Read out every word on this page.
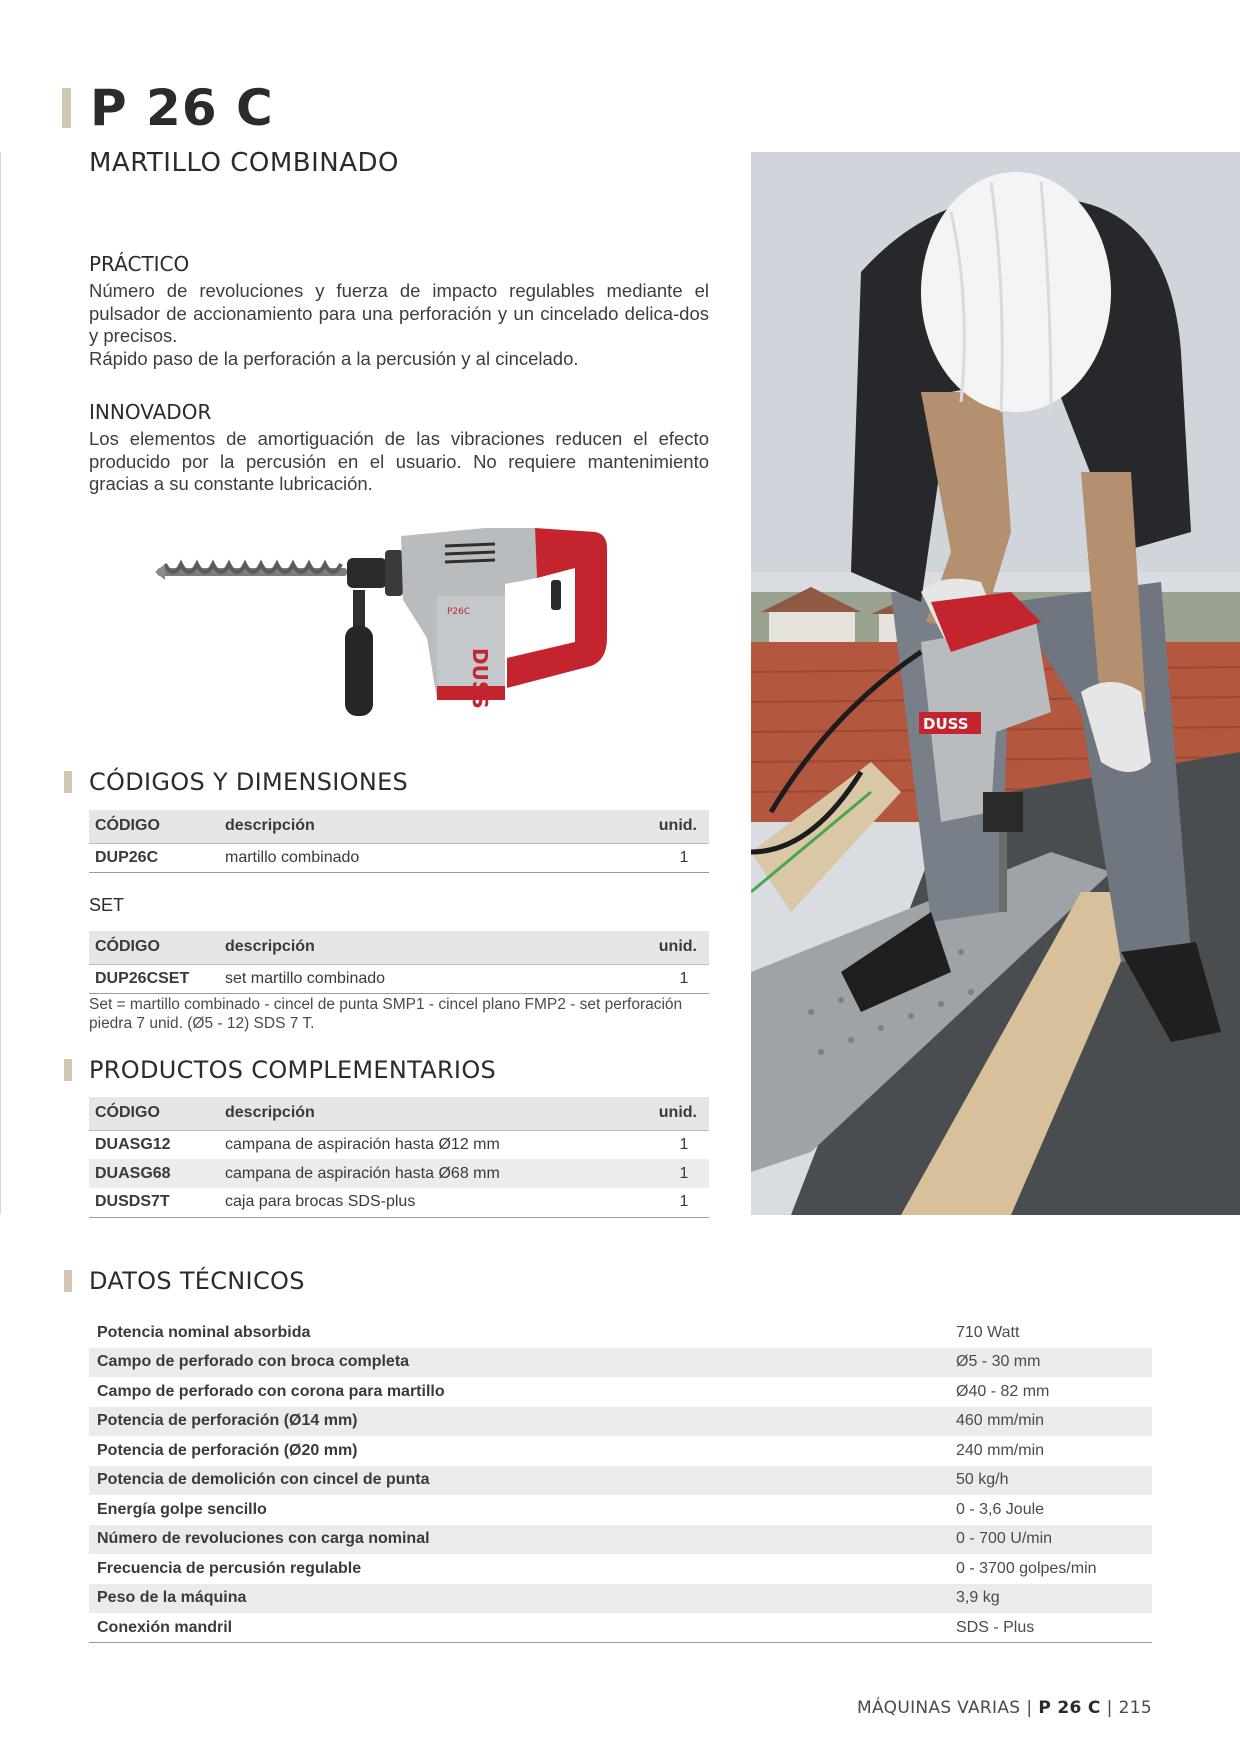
P 26 C
MARTILLO COMBINADO
PRÁCTICO

Número de revoluciones y fuerza de impacto regulables mediante el pulsador de accionamiento para una perforación y un cincelado delica-dos y precisos.

Rápido paso de la perforación a la percusión y al cincelado.

INNOVADOR

Los elementos de amortiguación de las vibraciones reducen el efecto producido por la percusión en el usuario. No requiere mantenimiento gracias a su constante lubricación.

DUSS
P26C
CÓDIGOS Y DIMENSIONES
CÓDIGO	descripción	unid.
DUP26C	martillo combinado	1
SET
CÓDIGO	descripción	unid.
DUP26CSET	set martillo combinado	1
Set = martillo combinado - cincel de punta SMP1 - cincel plano FMP2 - set perforación piedra 7 unid. (Ø5 - 12) SDS 7 T.
PRODUCTOS COMPLEMENTARIOS
CÓDIGO	descripción	unid.
DUASG12	campana de aspiración hasta Ø12 mm	1
DUASG68	campana de aspiración hasta Ø68 mm	1
DUSDS7T	caja para brocas SDS-plus	1
DUSS
DATOS TÉCNICOS
Potencia nominal absorbida	710 Watt
Campo de perforado con broca completa	Ø5 - 30 mm
Campo de perforado con corona para martillo	Ø40 - 82 mm
Potencia de perforación (Ø14 mm)	460 mm/min
Potencia de perforación (Ø20 mm)	240 mm/min
Potencia de demolición con cincel de punta	50 kg/h
Energía golpe sencillo	0 - 3,6 Joule
Número de revoluciones con carga nominal	0 - 700 U/min
Frecuencia de percusión regulable	0 - 3700 golpes/min
Peso de la máquina	3,9 kg
Conexión mandril	SDS - Plus
MÁQUINAS VARIAS | P 26 C | 215
